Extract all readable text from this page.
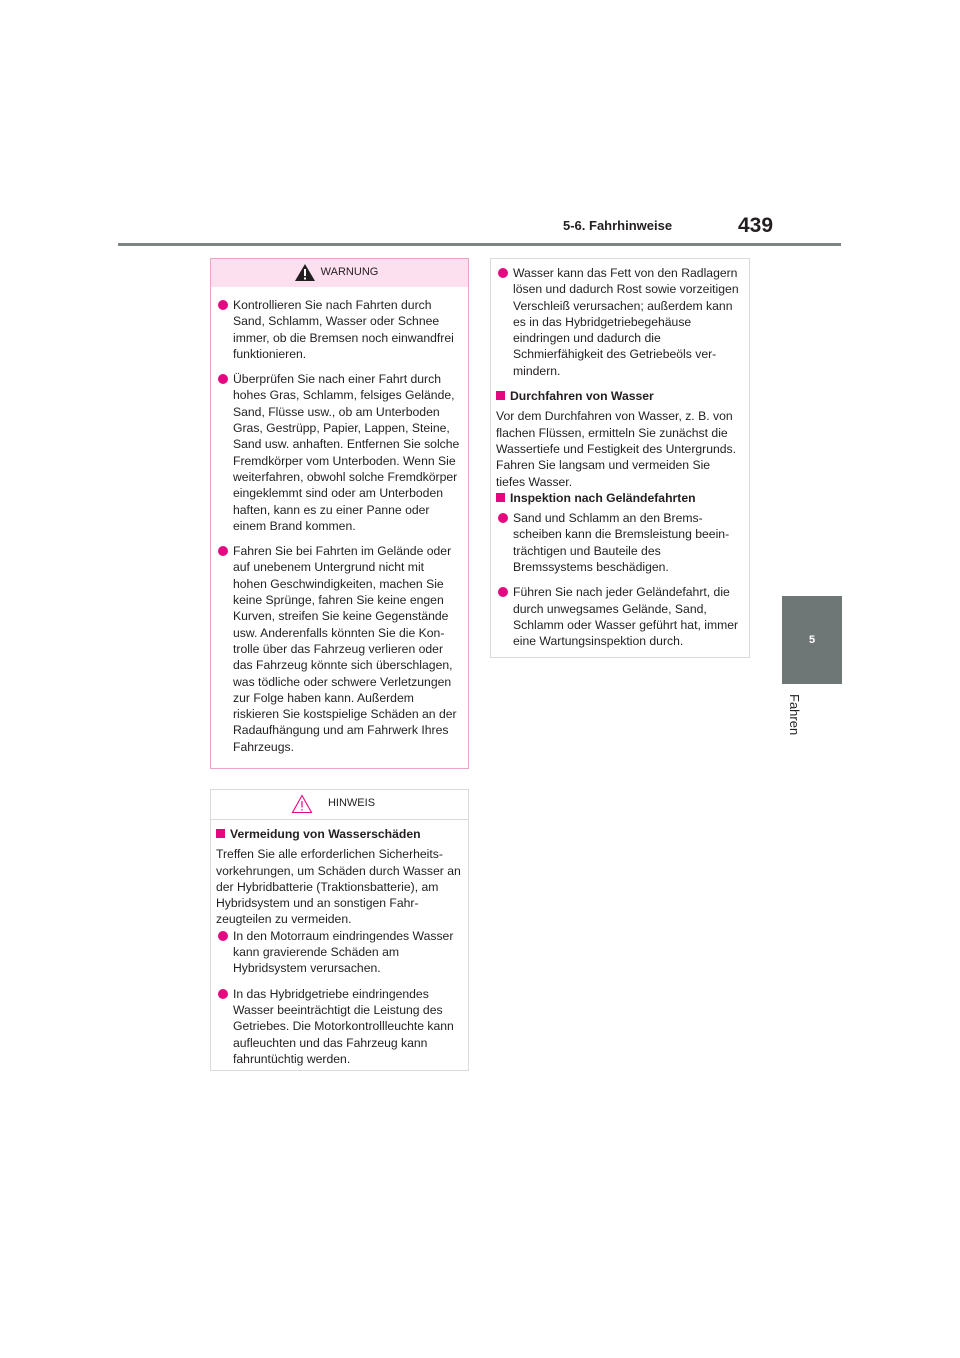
5-6. Fahrhinweise	439
5
Fahren
WARNUNG
Kontrollieren Sie nach Fahrten durch Sand, Schlamm, Wasser oder Schnee immer, ob die Bremsen noch einwandfrei funktionieren.
Überprüfen Sie nach einer Fahrt durch hohes Gras, Schlamm, felsiges Gelände, Sand, Flüsse usw., ob am Unterboden Gras, Gestrüpp, Papier, Lappen, Steine, Sand usw. anhaften. Entfernen Sie solche Fremdkörper vom Unterboden. Wenn Sie weiterfahren, obwohl solche Fremdkörper eingeklemmt sind oder am Unterboden haften, kann es zu einer Panne oder einem Brand kommen.
Fahren Sie bei Fahrten im Gelände oder auf unebenem Untergrund nicht mit hohen Geschwindigkeiten, machen Sie keine Sprünge, fahren Sie keine engen Kurven, streifen Sie keine Gegenstände usw. Anderenfalls könnten Sie die Kontrolle über das Fahrzeug verlieren oder das Fahrzeug könnte sich überschlagen, was tödliche oder schwere Verletzungen zur Folge haben kann. Außerdem riskieren Sie kostspielige Schäden an der Radaufhängung und am Fahrwerk Ihres Fahrzeugs.
HINWEIS
Vermeidung von Wasserschäden

Treffen Sie alle erforderlichen Sicherheitsvorkehrungen, um Schäden durch Wasser an der Hybridbatterie (Traktionsbatterie), am Hybridsystem und an sonstigen Fahrzeugteilen zu vermeiden.

In den Motorraum eindringendes Wasser kann gravierende Schäden am Hybridsystem verursachen.
In das Hybridgetriebe eindringendes Wasser beeinträchtigt die Leistung des Getriebes. Die Motorkontrollleuchte kann aufleuchten und das Fahrzeug kann fahruntüchtig werden.
Wasser kann das Fett von den Radlagern lösen und dadurch Rost sowie vorzeitigen Verschleiß verursachen; außerdem kann es in das Hybridgetriebegehäuse eindringen und dadurch die Schmierfähigkeit des Getriebeöls vermindern.
Durchfahren von Wasser

Vor dem Durchfahren von Wasser, z. B. von flachen Flüssen, ermitteln Sie zunächst die Wassertiefe und Festigkeit des Untergrunds. Fahren Sie langsam und vermeiden Sie tiefes Wasser.

Inspektion nach Geländefahrten
Sand und Schlamm an den Bremsscheiben kann die Bremsleistung beeinträchtigen und Bauteile des Bremssystems beschädigen.
Führen Sie nach jeder Geländefahrt, die durch unwegsames Gelände, Sand, Schlamm oder Wasser geführt hat, immer eine Wartungsinspektion durch.
